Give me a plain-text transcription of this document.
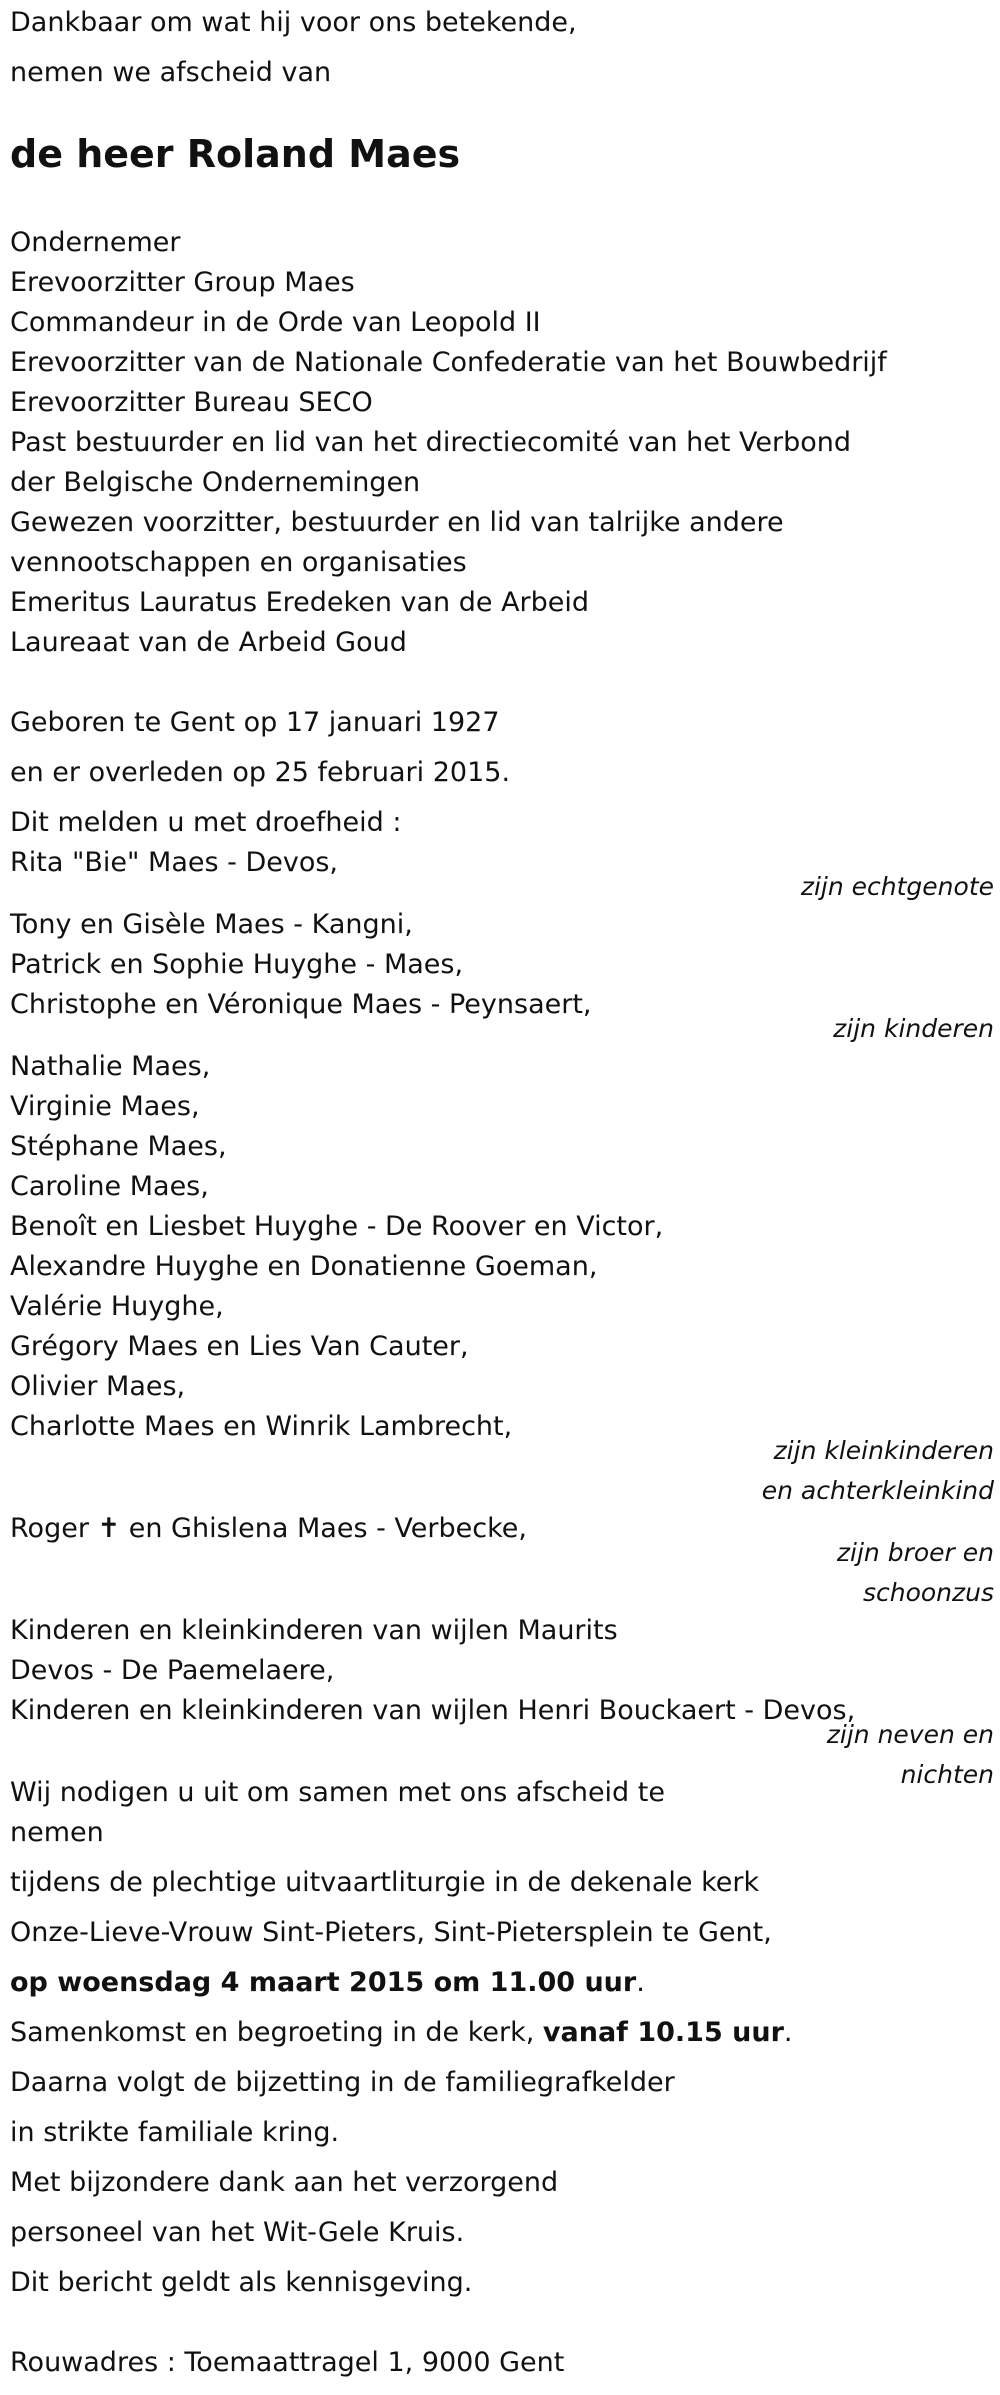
Dankbaar om wat hij voor ons betekende,
nemen we afscheid van
de heer Roland Maes
Ondernemer
Erevoorzitter Group Maes
Commandeur in de Orde van Leopold II
Erevoorzitter van de Nationale Confederatie van het Bouwbedrijf
Erevoorzitter Bureau SECO
Past bestuurder en lid van het directiecomité van het Verbond
der Belgische Ondernemingen
Gewezen voorzitter, bestuurder en lid van talrijke andere
vennootschappen en organisaties
Emeritus Lauratus Eredeken van de Arbeid
Laureaat van de Arbeid Goud
Geboren te Gent op 17 januari 1927
en er overleden op 25 februari 2015.
Dit melden u met droefheid :
Rita "Bie" Maes - Devos,
zijn echtgenote
Tony en Gisèle Maes - Kangni,
Patrick en Sophie Huyghe - Maes,
Christophe en Véronique Maes - Peynsaert,
zijn kinderen
Nathalie Maes,
Virginie Maes,
Stéphane Maes,
Caroline Maes,
Benoît en Liesbet Huyghe - De Roover en Victor,
Alexandre Huyghe en Donatienne Goeman,
Valérie Huyghe,
Grégory Maes en Lies Van Cauter,
Olivier Maes,
Charlotte Maes en Winrik Lambrecht,
zijn kleinkinderen
en achterkleinkind
Roger ✝ en Ghislena Maes - Verbecke,
zijn broer en
schoonzus
Kinderen en kleinkinderen van wijlen Maurits
Devos - De Paemelaere,
Kinderen en kleinkinderen van wijlen Henri Bouckaert - Devos,
zijn neven en
nichten
Wij nodigen u uit om samen met ons afscheid te
nemen
tijdens de plechtige uitvaartliturgie in de dekenale kerk
Onze-Lieve-Vrouw Sint-Pieters, Sint-Pietersplein te Gent,
op woensdag 4 maart 2015 om 11.00 uur.
Samenkomst en begroeting in de kerk, vanaf 10.15 uur.
Daarna volgt de bijzetting in de familiegrafkelder
in strikte familiale kring.
Met bijzondere dank aan het verzorgend
personeel van het Wit-Gele Kruis.
Dit bericht geldt als kennisgeving.
Rouwadres : Toemaattragel 1, 9000 Gent
